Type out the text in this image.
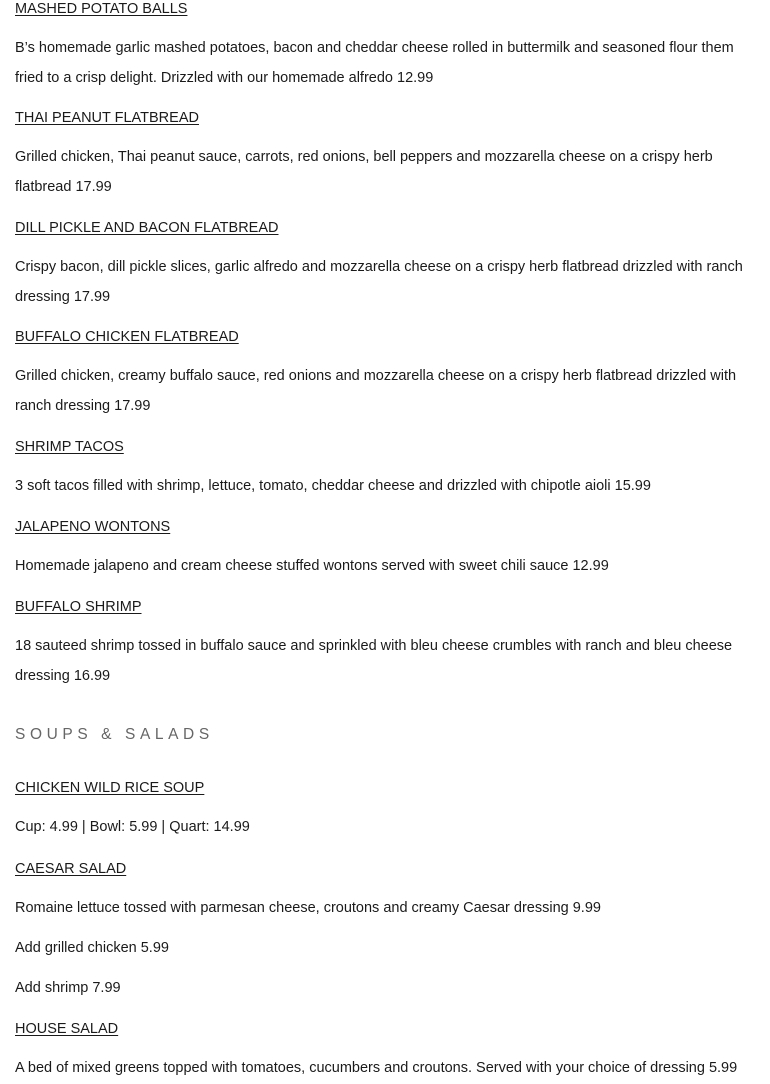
MASHED POTATO BALLS

B’s homemade garlic mashed potatoes, bacon and cheddar cheese rolled in buttermilk and seasoned flour them fried to a crisp delight. Drizzled with our homemade alfredo 12.99

THAI PEANUT FLATBREAD

Grilled chicken, Thai peanut sauce, carrots, red onions, bell peppers and mozzarella cheese on a crispy herb flatbread 17.99

DILL PICKLE AND BACON FLATBREAD

Crispy bacon, dill pickle slices, garlic alfredo and mozzarella cheese on a crispy herb flatbread drizzled with ranch dressing 17.99

BUFFALO CHICKEN FLATBREAD

Grilled chicken, creamy buffalo sauce, red onions and mozzarella cheese on a crispy herb flatbread drizzled with ranch dressing 17.99

SHRIMP TACOS

3 soft tacos filled with shrimp, lettuce, tomato, cheddar cheese and drizzled with chipotle aioli 15.99

JALAPENO WONTONS

Homemade jalapeno and cream cheese stuffed wontons served with sweet chili sauce 12.99

BUFFALO SHRIMP

18 sauteed shrimp tossed in buffalo sauce and sprinkled with bleu cheese crumbles with ranch and bleu cheese dressing 16.99

SOUPS & SALADS

CHICKEN WILD RICE SOUP

Cup: 4.99 | Bowl: 5.99 | Quart: 14.99

CAESAR SALAD

Romaine lettuce tossed with parmesan cheese, croutons and creamy Caesar dressing 9.99

Add grilled chicken 5.99

Add shrimp 7.99

HOUSE SALAD

A bed of mixed greens topped with tomatoes, cucumbers and croutons. Served with your choice of dressing 5.99
